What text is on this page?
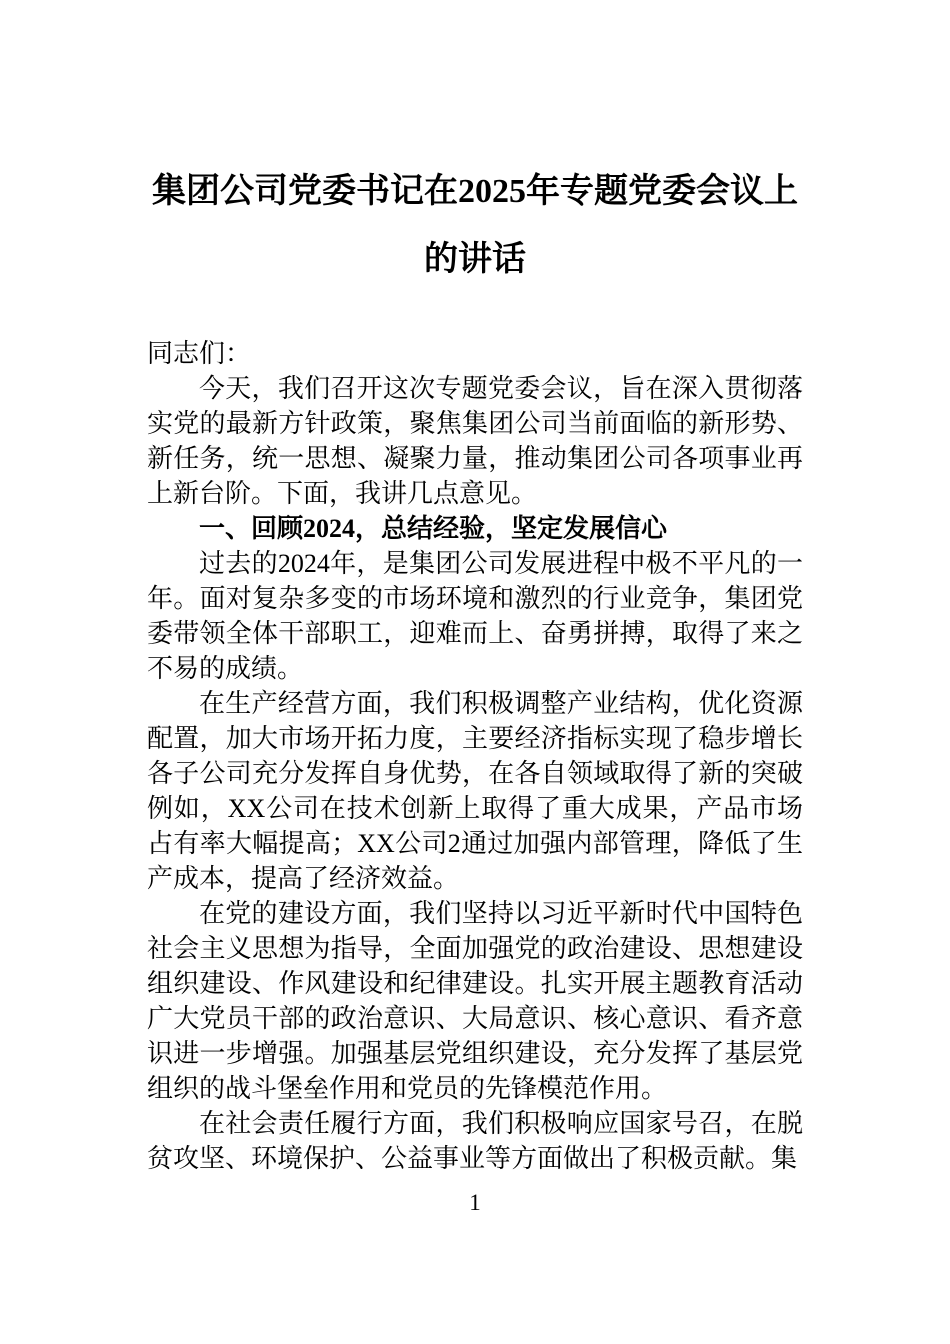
集团公司党委书记在2025年专题党委会议上的讲话

同志们：

今天，我们召开这次专题党委会议，旨在深入贯彻落实党的最新方针政策，聚焦集团公司当前面临的新形势、新任务，统一思想、凝聚力量，推动集团公司各项事业再上新台阶。下面，我讲几点意见。

一、回顾2024，总结经验，坚定发展信心

过去的2024年，是集团公司发展进程中极不平凡的一年。面对复杂多变的市场环境和激烈的行业竞争，集团党委带领全体干部职工，迎难而上、奋勇拼搏，取得了来之不易的成绩。

在生产经营方面，我们积极调整产业结构，优化资源配置，加大市场开拓力度，主要经济指标实现了稳步增长各子公司充分发挥自身优势，在各自领域取得了新的突破例如，XX公司在技术创新上取得了重大成果，产品市场占有率大幅提高；XX公司2通过加强内部管理，降低了生产成本，提高了经济效益。

在党的建设方面，我们坚持以习近平新时代中国特色社会主义思想为指导，全面加强党的政治建设、思想建设组织建设、作风建设和纪律建设。扎实开展主题教育活动广大党员干部的政治意识、大局意识、核心意识、看齐意识进一步增强。加强基层党组织建设，充分发挥了基层党组织的战斗堡垒作用和党员的先锋模范作用。

在社会责任履行方面，我们积极响应国家号召，在脱贫攻坚、环境保护、公益事业等方面做出了积极贡献。集

1
